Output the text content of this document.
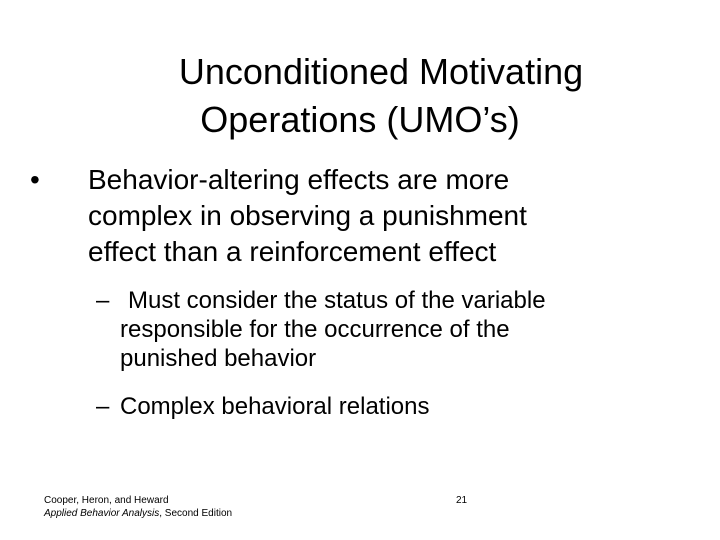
Unconditioned Motivating
Operations (UMO’s)
•	Behavior-altering effects are more
complex in observing a punishment
effect than a reinforcement effect
– Must consider the status of the variable
responsible for the occurrence of the
punished behavior
– Complex behavioral relations
Cooper, Heron, and Heward
Applied Behavior Analysis, Second Edition
21
